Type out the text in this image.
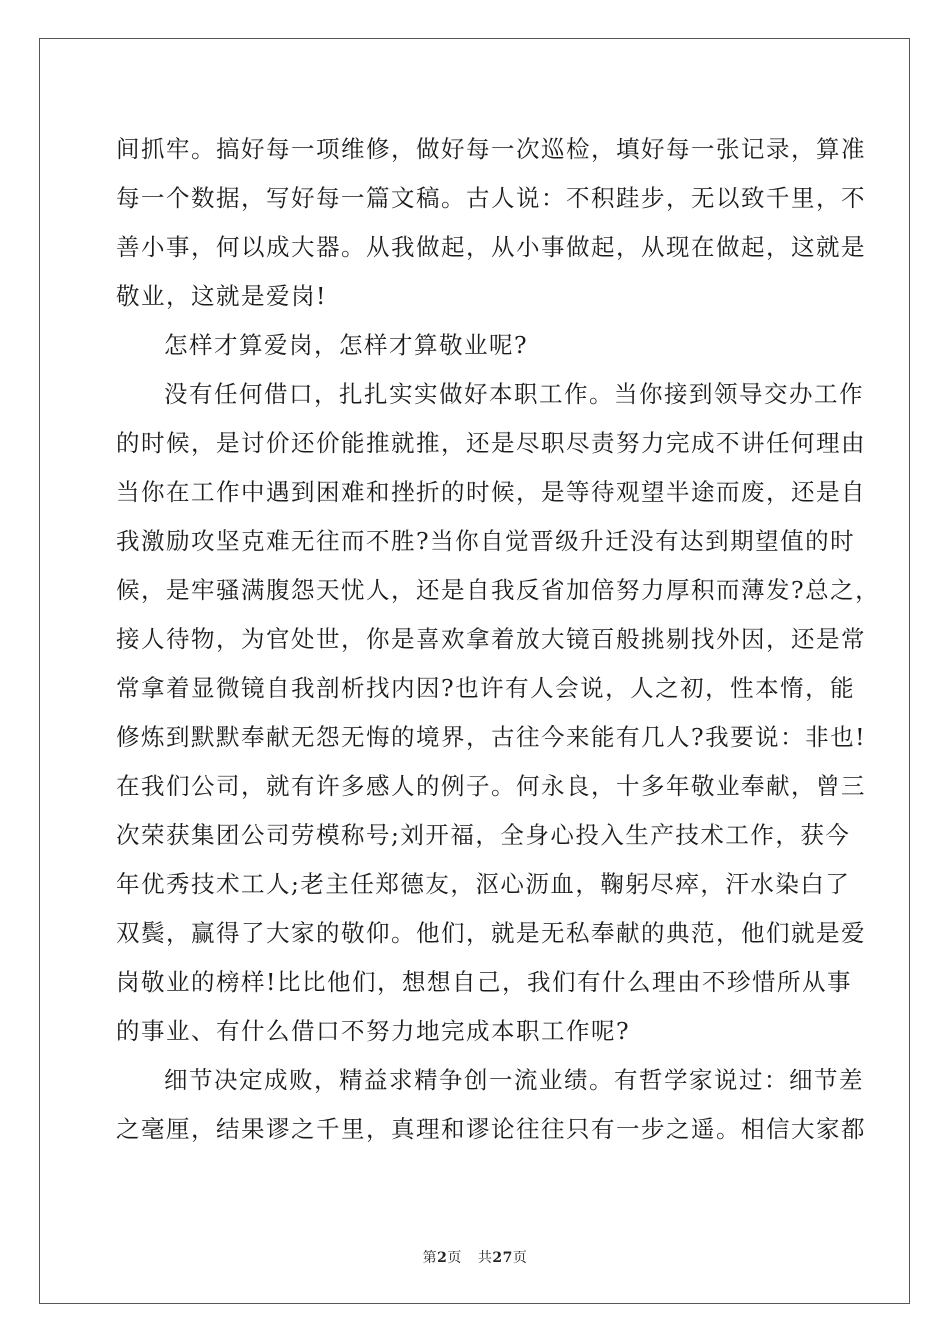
间抓牢。搞好每一项维修，做好每一次巡检，填好每一张记录，算准
每一个数据，写好每一篇文稿。古人说：不积跬步，无以致千里，不
善小事，何以成大器。从我做起，从小事做起，从现在做起，这就是
敬业，这就是爱岗!
怎样才算爱岗，怎样才算敬业呢?
没有任何借口，扎扎实实做好本职工作。当你接到领导交办工作
的时候，是讨价还价能推就推，还是尽职尽责努力完成不讲任何理由
当你在工作中遇到困难和挫折的时候，是等待观望半途而废，还是自
我激励攻坚克难无往而不胜?当你自觉晋级升迁没有达到期望值的时
候，是牢骚满腹怨天忧人，还是自我反省加倍努力厚积而薄发?总之，
接人待物，为官处世，你是喜欢拿着放大镜百般挑剔找外因，还是常
常拿着显微镜自我剖析找内因?也许有人会说，人之初，性本惰，能
修炼到默默奉献无怨无悔的境界，古往今来能有几人?我要说：非也!
在我们公司，就有许多感人的例子。何永良，十多年敬业奉献，曾三
次荣获集团公司劳模称号;刘开福，全身心投入生产技术工作，获今
年优秀技术工人;老主任郑德友，沤心沥血，鞠躬尽瘁，汗水染白了
双鬓，赢得了大家的敬仰。他们，就是无私奉献的典范，他们就是爱
岗敬业的榜样!比比他们，想想自己，我们有什么理由不珍惜所从事
的事业、有什么借口不努力地完成本职工作呢?
细节决定成败，精益求精争创一流业绩。有哲学家说过：细节差
之毫厘，结果谬之千里，真理和谬论往往只有一步之遥。相信大家都
第2页 共27页
